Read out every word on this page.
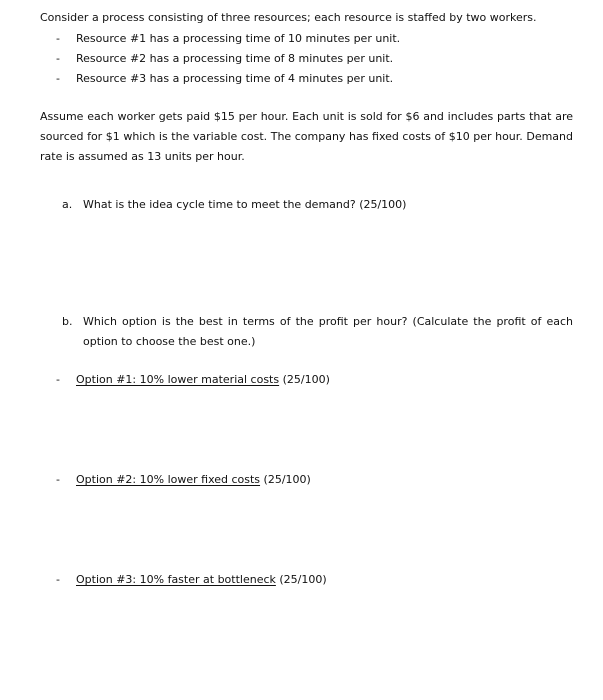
Consider a process consisting of three resources; each resource is staffed by two workers.
- Resource #1 has a processing time of 10 minutes per unit.
- Resource #2 has a processing time of 8 minutes per unit.
- Resource #3 has a processing time of 4 minutes per unit.
Assume each worker gets paid $15 per hour. Each unit is sold for $6 and includes parts that are sourced for $1 which is the variable cost. The company has fixed costs of $10 per hour. Demand rate is assumed as 13 units per hour.
a. What is the idea cycle time to meet the demand? (25/100)
b. Which option is the best in terms of the profit per hour? (Calculate the profit of each option to choose the best one.)
- Option #1: 10% lower material costs (25/100)
- Option #2: 10% lower fixed costs (25/100)
- Option #3: 10% faster at bottleneck (25/100)
